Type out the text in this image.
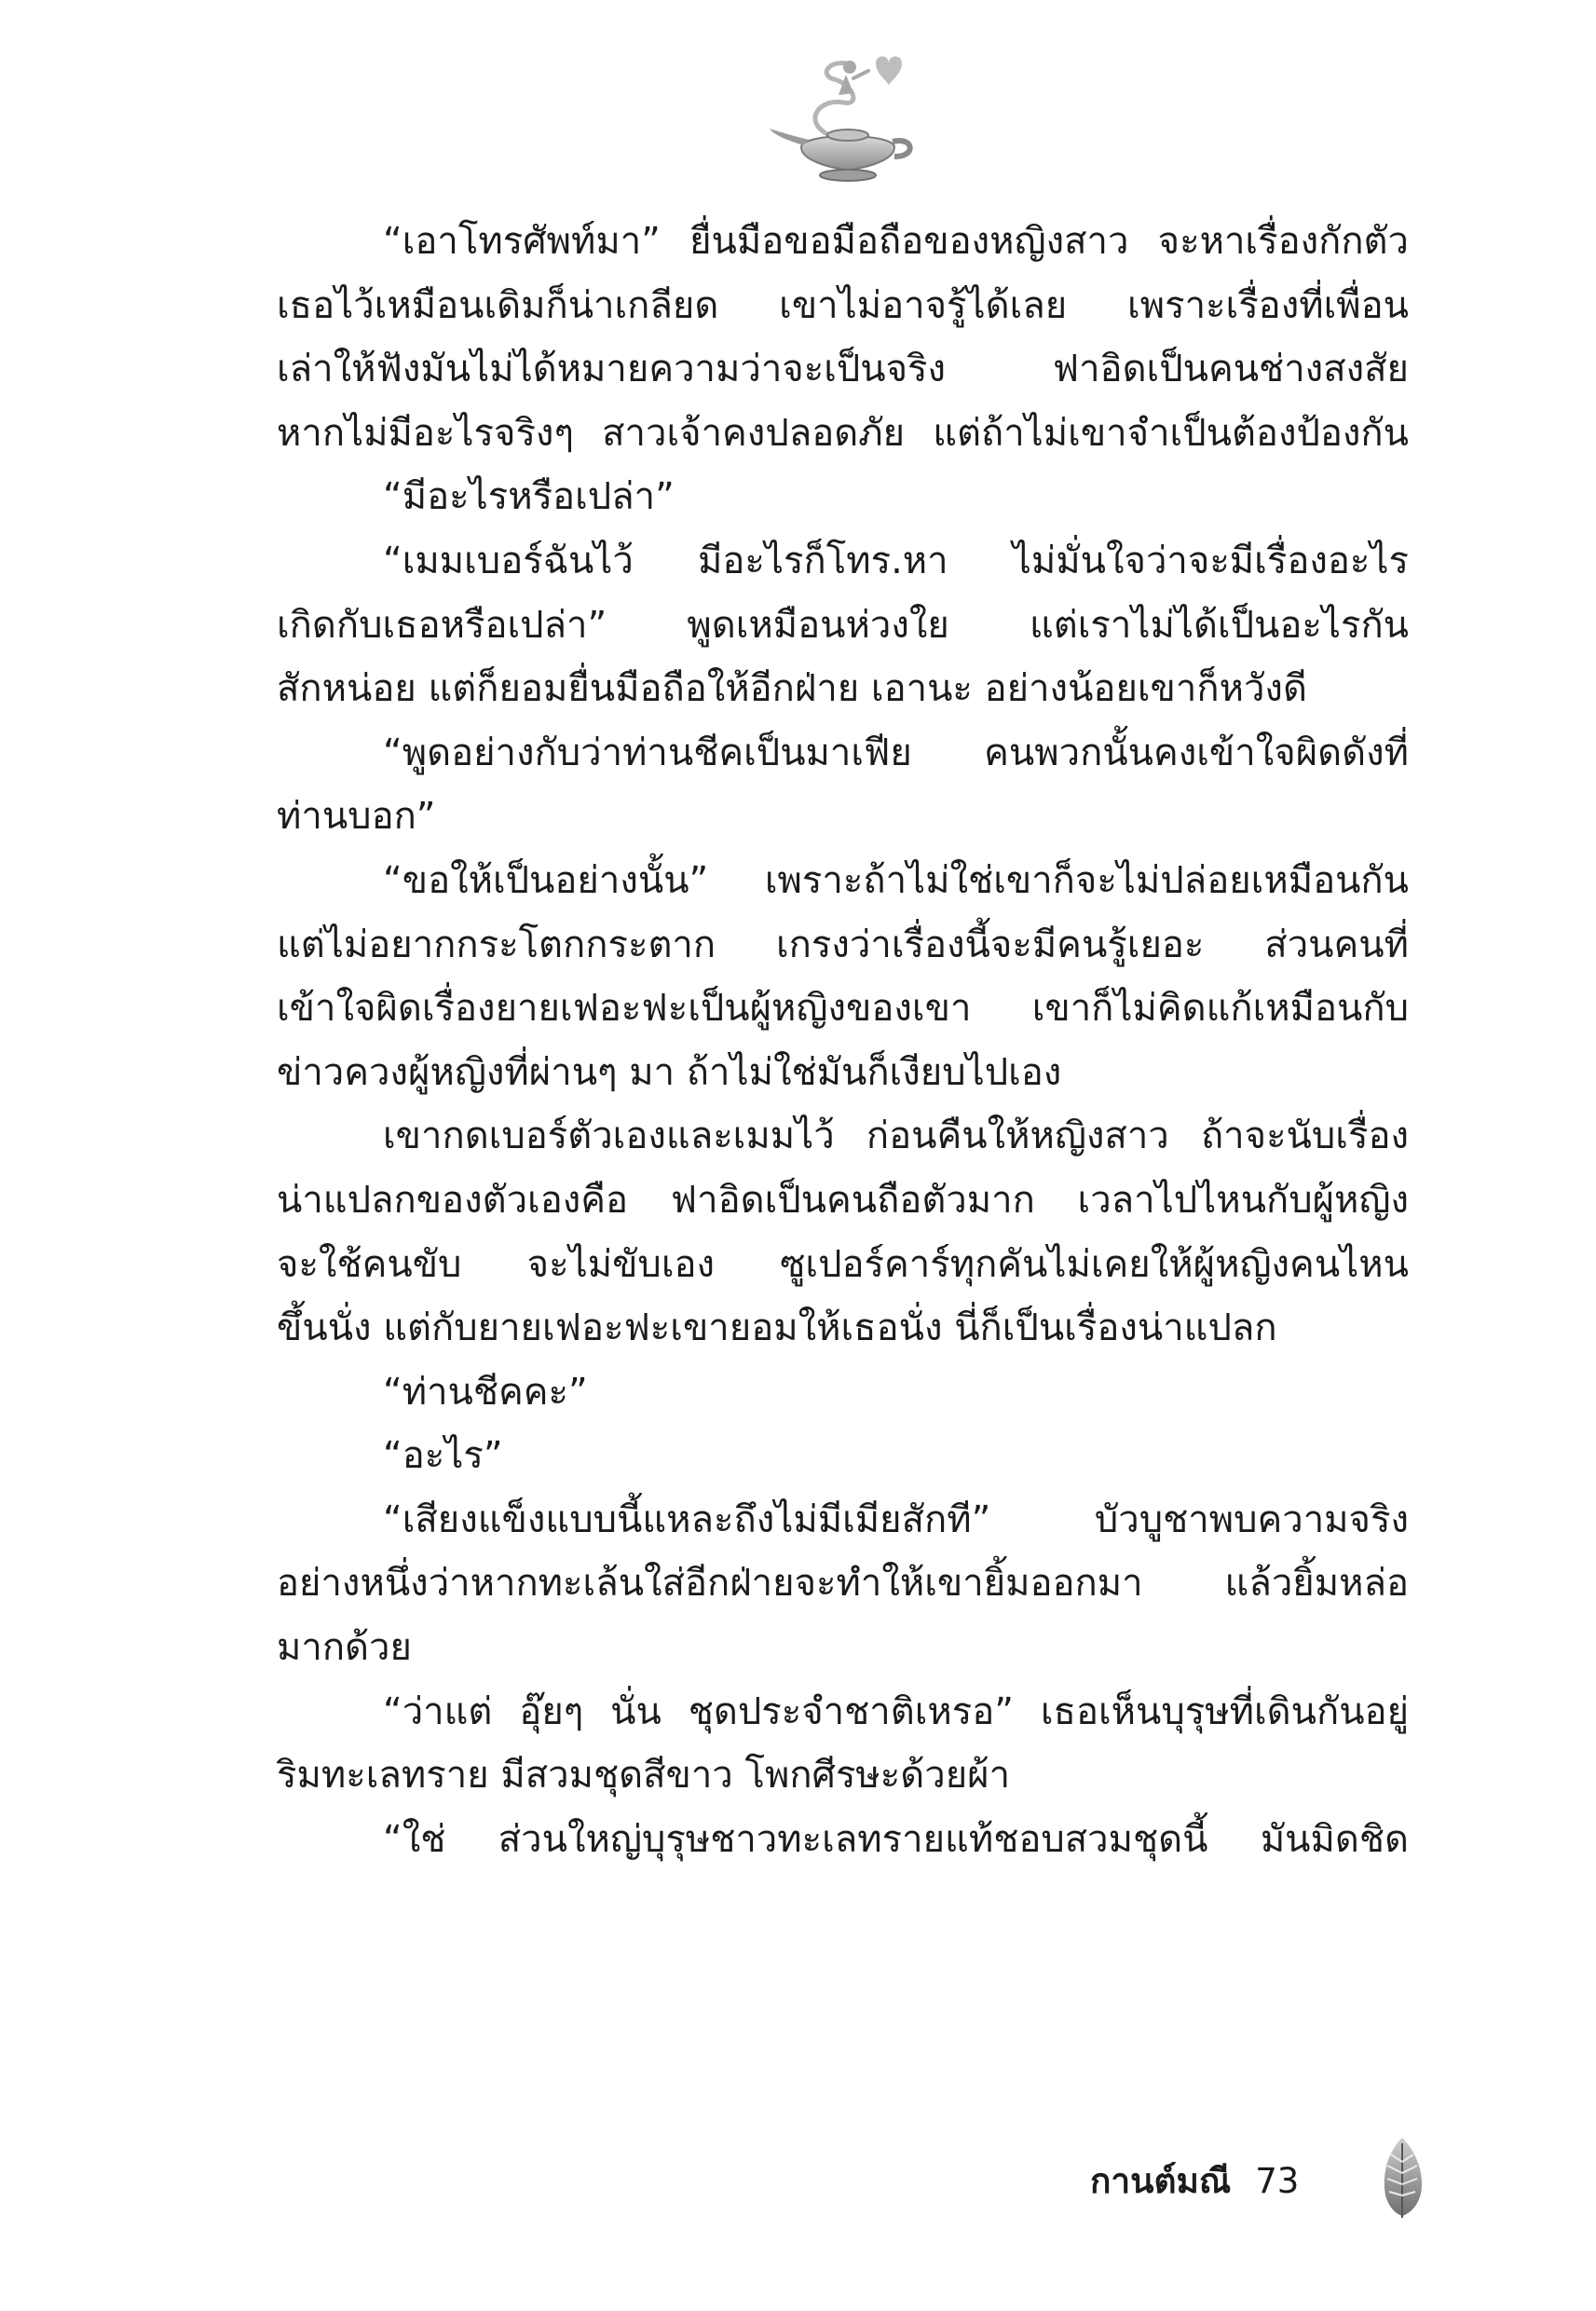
“เอาโทรศัพท์มา” ยื่นมือขอมือถือของหญิงสาว จะหาเรื่องกักตัว
เธอไว้เหมือนเดิมก็น่าเกลียด เขาไม่อาจรู้ได้เลย เพราะเรื่องที่เพื่อน
เล่าให้ฟังมันไม่ได้หมายความว่าจะเป็นจริง ฟาอิดเป็นคนช่างสงสัย
หากไม่มีอะไรจริงๆ สาวเจ้าคงปลอดภัย แต่ถ้าไม่เขาจำเป็นต้องป้องกัน
“มีอะไรหรือเปล่า”
“เมมเบอร์ฉันไว้ มีอะไรก็โทร.หา ไม่มั่นใจว่าจะมีเรื่องอะไร
เกิดกับเธอหรือเปล่า” พูดเหมือนห่วงใย แต่เราไม่ได้เป็นอะไรกัน
สักหน่อย แต่ก็ยอมยื่นมือถือให้อีกฝ่าย เอานะ อย่างน้อยเขาก็หวังดี
“พูดอย่างกับว่าท่านชีคเป็นมาเฟีย คนพวกนั้นคงเข้าใจผิดดังที่
ท่านบอก”
“ขอให้เป็นอย่างนั้น” เพราะถ้าไม่ใช่เขาก็จะไม่ปล่อยเหมือนกัน
แต่ไม่อยากกระโตกกระตาก เกรงว่าเรื่องนี้จะมีคนรู้เยอะ ส่วนคนที่
เข้าใจผิดเรื่องยายเฟอะฟะเป็นผู้หญิงของเขา เขาก็ไม่คิดแก้เหมือนกับ
ข่าวควงผู้หญิงที่ผ่านๆ มา ถ้าไม่ใช่มันก็เงียบไปเอง
เขากดเบอร์ตัวเองและเมมไว้ ก่อนคืนให้หญิงสาว ถ้าจะนับเรื่อง
น่าแปลกของตัวเองคือ ฟาอิดเป็นคนถือตัวมาก เวลาไปไหนกับผู้หญิง
จะใช้คนขับ จะไม่ขับเอง ซูเปอร์คาร์ทุกคันไม่เคยให้ผู้หญิงคนไหน
ขึ้นนั่ง แต่กับยายเฟอะฟะเขายอมให้เธอนั่ง นี่ก็เป็นเรื่องน่าแปลก
“ท่านชีคคะ”
“อะไร”
“เสียงแข็งแบบนี้แหละถึงไม่มีเมียสักที” บัวบูชาพบความจริง
อย่างหนึ่งว่าหากทะเล้นใส่อีกฝ่ายจะทำให้เขายิ้มออกมา แล้วยิ้มหล่อ
มากด้วย
“ว่าแต่ อุ๊ยๆ นั่น ชุดประจำชาติเหรอ” เธอเห็นบุรุษที่เดินกันอยู่
ริมทะเลทราย มีสวมชุดสีขาว โพกศีรษะด้วยผ้า
“ใช่ ส่วนใหญ่บุรุษชาวทะเลทรายแท้ชอบสวมชุดนี้ มันมิดชิด
กานต์มณี 73
